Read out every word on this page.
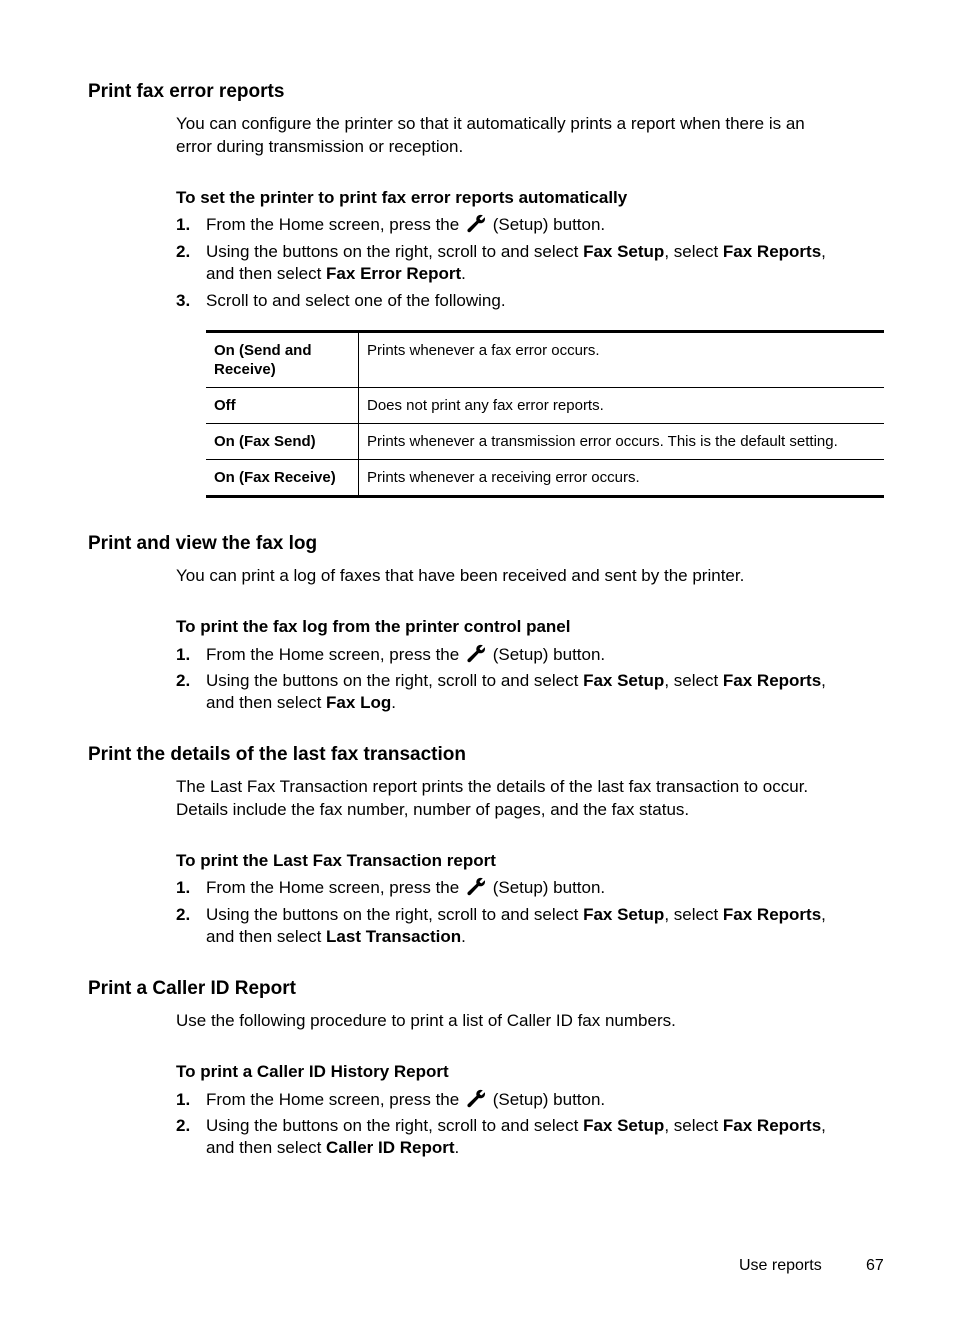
Print fax error reports
You can configure the printer so that it automatically prints a report when there is an
error during transmission or reception.
To set the printer to print fax error reports automatically
1. From the Home screen, press the (Setup) button.
2. Using the buttons on the right, scroll to and select Fax Setup, select Fax Reports,
and then select Fax Error Report.
3. Scroll to and select one of the following.
On (Send and Receive)	Prints whenever a fax error occurs.
Off	Does not print any fax error reports.
On (Fax Send)	Prints whenever a transmission error occurs. This is the default setting.
On (Fax Receive)	Prints whenever a receiving error occurs.
Print and view the fax log
You can print a log of faxes that have been received and sent by the printer.
To print the fax log from the printer control panel
1. From the Home screen, press the (Setup) button.
2. Using the buttons on the right, scroll to and select Fax Setup, select Fax Reports,
and then select Fax Log.
Print the details of the last fax transaction
The Last Fax Transaction report prints the details of the last fax transaction to occur.
Details include the fax number, number of pages, and the fax status.
To print the Last Fax Transaction report
1. From the Home screen, press the (Setup) button.
2. Using the buttons on the right, scroll to and select Fax Setup, select Fax Reports,
and then select Last Transaction.
Print a Caller ID Report
Use the following procedure to print a list of Caller ID fax numbers.
To print a Caller ID History Report
1. From the Home screen, press the (Setup) button.
2. Using the buttons on the right, scroll to and select Fax Setup, select Fax Reports,
and then select Caller ID Report.
Use reports	67
